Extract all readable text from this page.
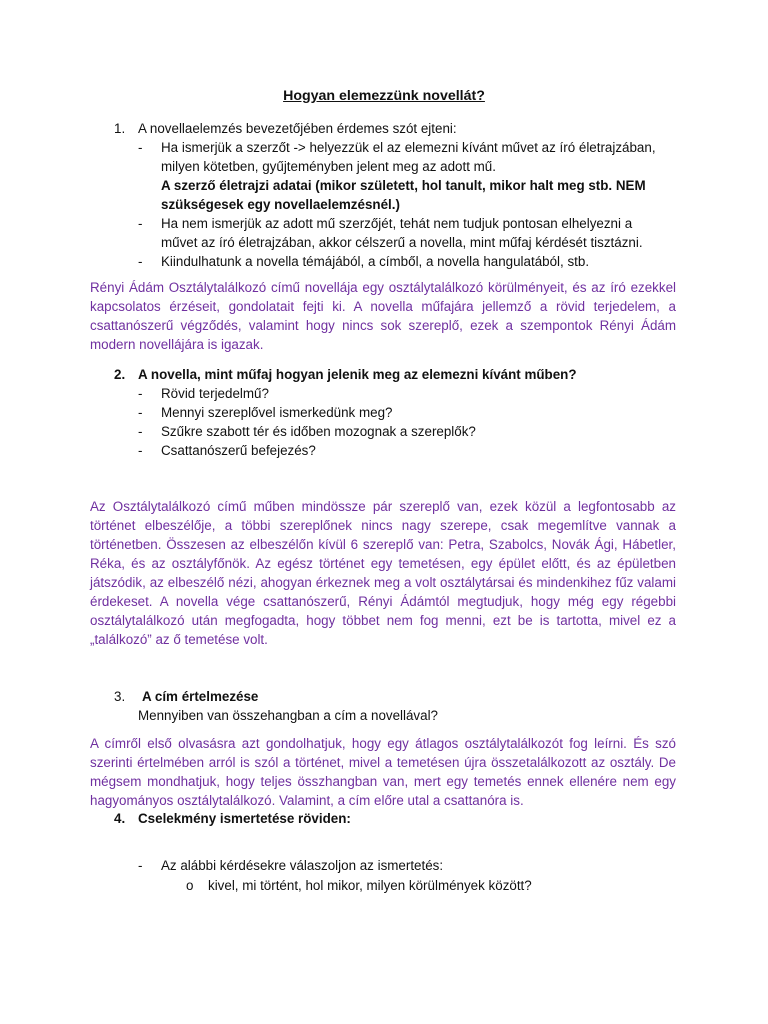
Hogyan elemezzünk novellát?
1. A novellaelemzés bevezetőjében érdemes szót ejteni:
- Ha ismerjük a szerzőt -> helyezzük el az elemezni kívánt művet az író életrajzában,
milyen kötetben, gyűjteményben jelent meg az adott mű.
A szerző életrajzi adatai (mikor született, hol tanult, mikor halt meg stb. NEM
szükségesek egy novellaelemzésnél.)
- Ha nem ismerjük az adott mű szerzőjét, tehát nem tudjuk pontosan elhelyezni a
művet az író életrajzában, akkor célszerű a novella, mint műfaj kérdését tisztázni.
- Kiindulhatunk a novella témájából, a címből, a novella hangulatából, stb.
Rényi Ádám Osztálytalálkozó című novellája egy osztálytalálkozó körülményeit, és az író ezekkel kapcsolatos érzéseit, gondolatait fejti ki. A novella műfajára jellemző a rövid terjedelem, a csattanószerű végződés, valamint hogy nincs sok szereplő, ezek a szempontok Rényi Ádám modern novellájára is igazak.
2. A novella, mint műfaj hogyan jelenik meg az elemezni kívánt műben?
- Rövid terjedelmű?
- Mennyi szereplővel ismerkedünk meg?
- Szűkre szabott tér és időben mozognak a szereplők?
- Csattanószerű befejezés?
Az Osztálytalálkozó című műben mindössze pár szereplő van, ezek közül a legfontosabb az történet elbeszélője, a többi szereplőnek nincs nagy szerepe, csak megemlítve vannak a történetben. Összesen az elbeszélőn kívül 6 szereplő van: Petra, Szabolcs, Novák Ági, Hábetler, Réka, és az osztályfőnök. Az egész történet egy temetésen, egy épület előtt, és az épületben játszódik, az elbeszélő nézi, ahogyan érkeznek meg a volt osztálytársai és mindenkihez fűz valami érdekeset. A novella vége csattanószerű, Rényi Ádámtól megtudjuk, hogy még egy régebbi osztálytalálkozó után megfogadta, hogy többet nem fog menni, ezt be is tartotta, mivel ez a „találkozó” az ő temetése volt.
3. A cím értelmezése
Mennyiben van összehangban a cím a novellával?
A címről első olvasásra azt gondolhatjuk, hogy egy átlagos osztálytalálkozót fog leírni. És szó szerinti értelmében arról is szól a történet, mivel a temetésen újra összetalálkozott az osztály. De mégsem mondhatjuk, hogy teljes összhangban van, mert egy temetés ennek ellenére nem egy hagyományos osztálytalálkozó. Valamint, a cím előre utal a csattanóra is.
4. Cselekmény ismertetése röviden:
- Az alábbi kérdésekre válaszoljon az ismertetés:
o kivel, mi történt, hol mikor, milyen körülmények között?
